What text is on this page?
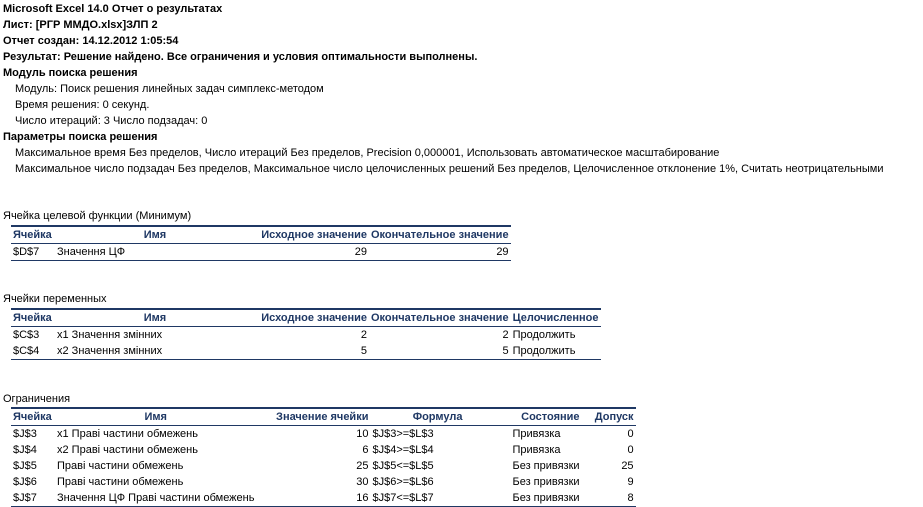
Microsoft Excel 14.0 Отчет о результатах
Лист: [РГР ММДО.xlsx]ЗЛП 2
Отчет создан: 14.12.2012 1:05:54
Результат: Решение найдено. Все ограничения и условия оптимальности выполнены.
Модуль поиска решения
Модуль: Поиск решения линейных задач симплекс-методом
Время решения: 0 секунд.
Число итераций: 3 Число подзадач: 0
Параметры поиска решения
Максимальное время Без пределов, Число итераций Без пределов, Precision 0,000001, Использовать автоматическое масштабирование
Максимальное число подзадач Без пределов, Максимальное число целочисленных решений Без пределов, Целочисленное отклонение 1%, Считать неотрицательными
Ячейка целевой функции (Минимум)
Ячейка	Имя	Исходное значение	Окончательное значение
$D$7	Значення ЦФ	29	29
Ячейки переменных
Ячейка	Имя	Исходное значение	Окончательное значение	Целочисленное
$C$3	x1 Значення змінних	2	2	Продолжить
$C$4	x2 Значення змінних	5	5	Продолжить
Ограничения
Ячейка	Имя	Значение ячейки	Формула	Состояние	Допуск
$J$3	x1 Праві частини обмежень	10	$J$3>=$L$3	Привязка	0
$J$4	x2 Праві частини обмежень	6	$J$4>=$L$4	Привязка	0
$J$5	Праві частини обмежень	25	$J$5<=$L$5	Без привязки	25
$J$6	Праві частини обмежень	30	$J$6>=$L$6	Без привязки	9
$J$7	Значення ЦФ Праві частини обмежень	16	$J$7<=$L$7	Без привязки	8
